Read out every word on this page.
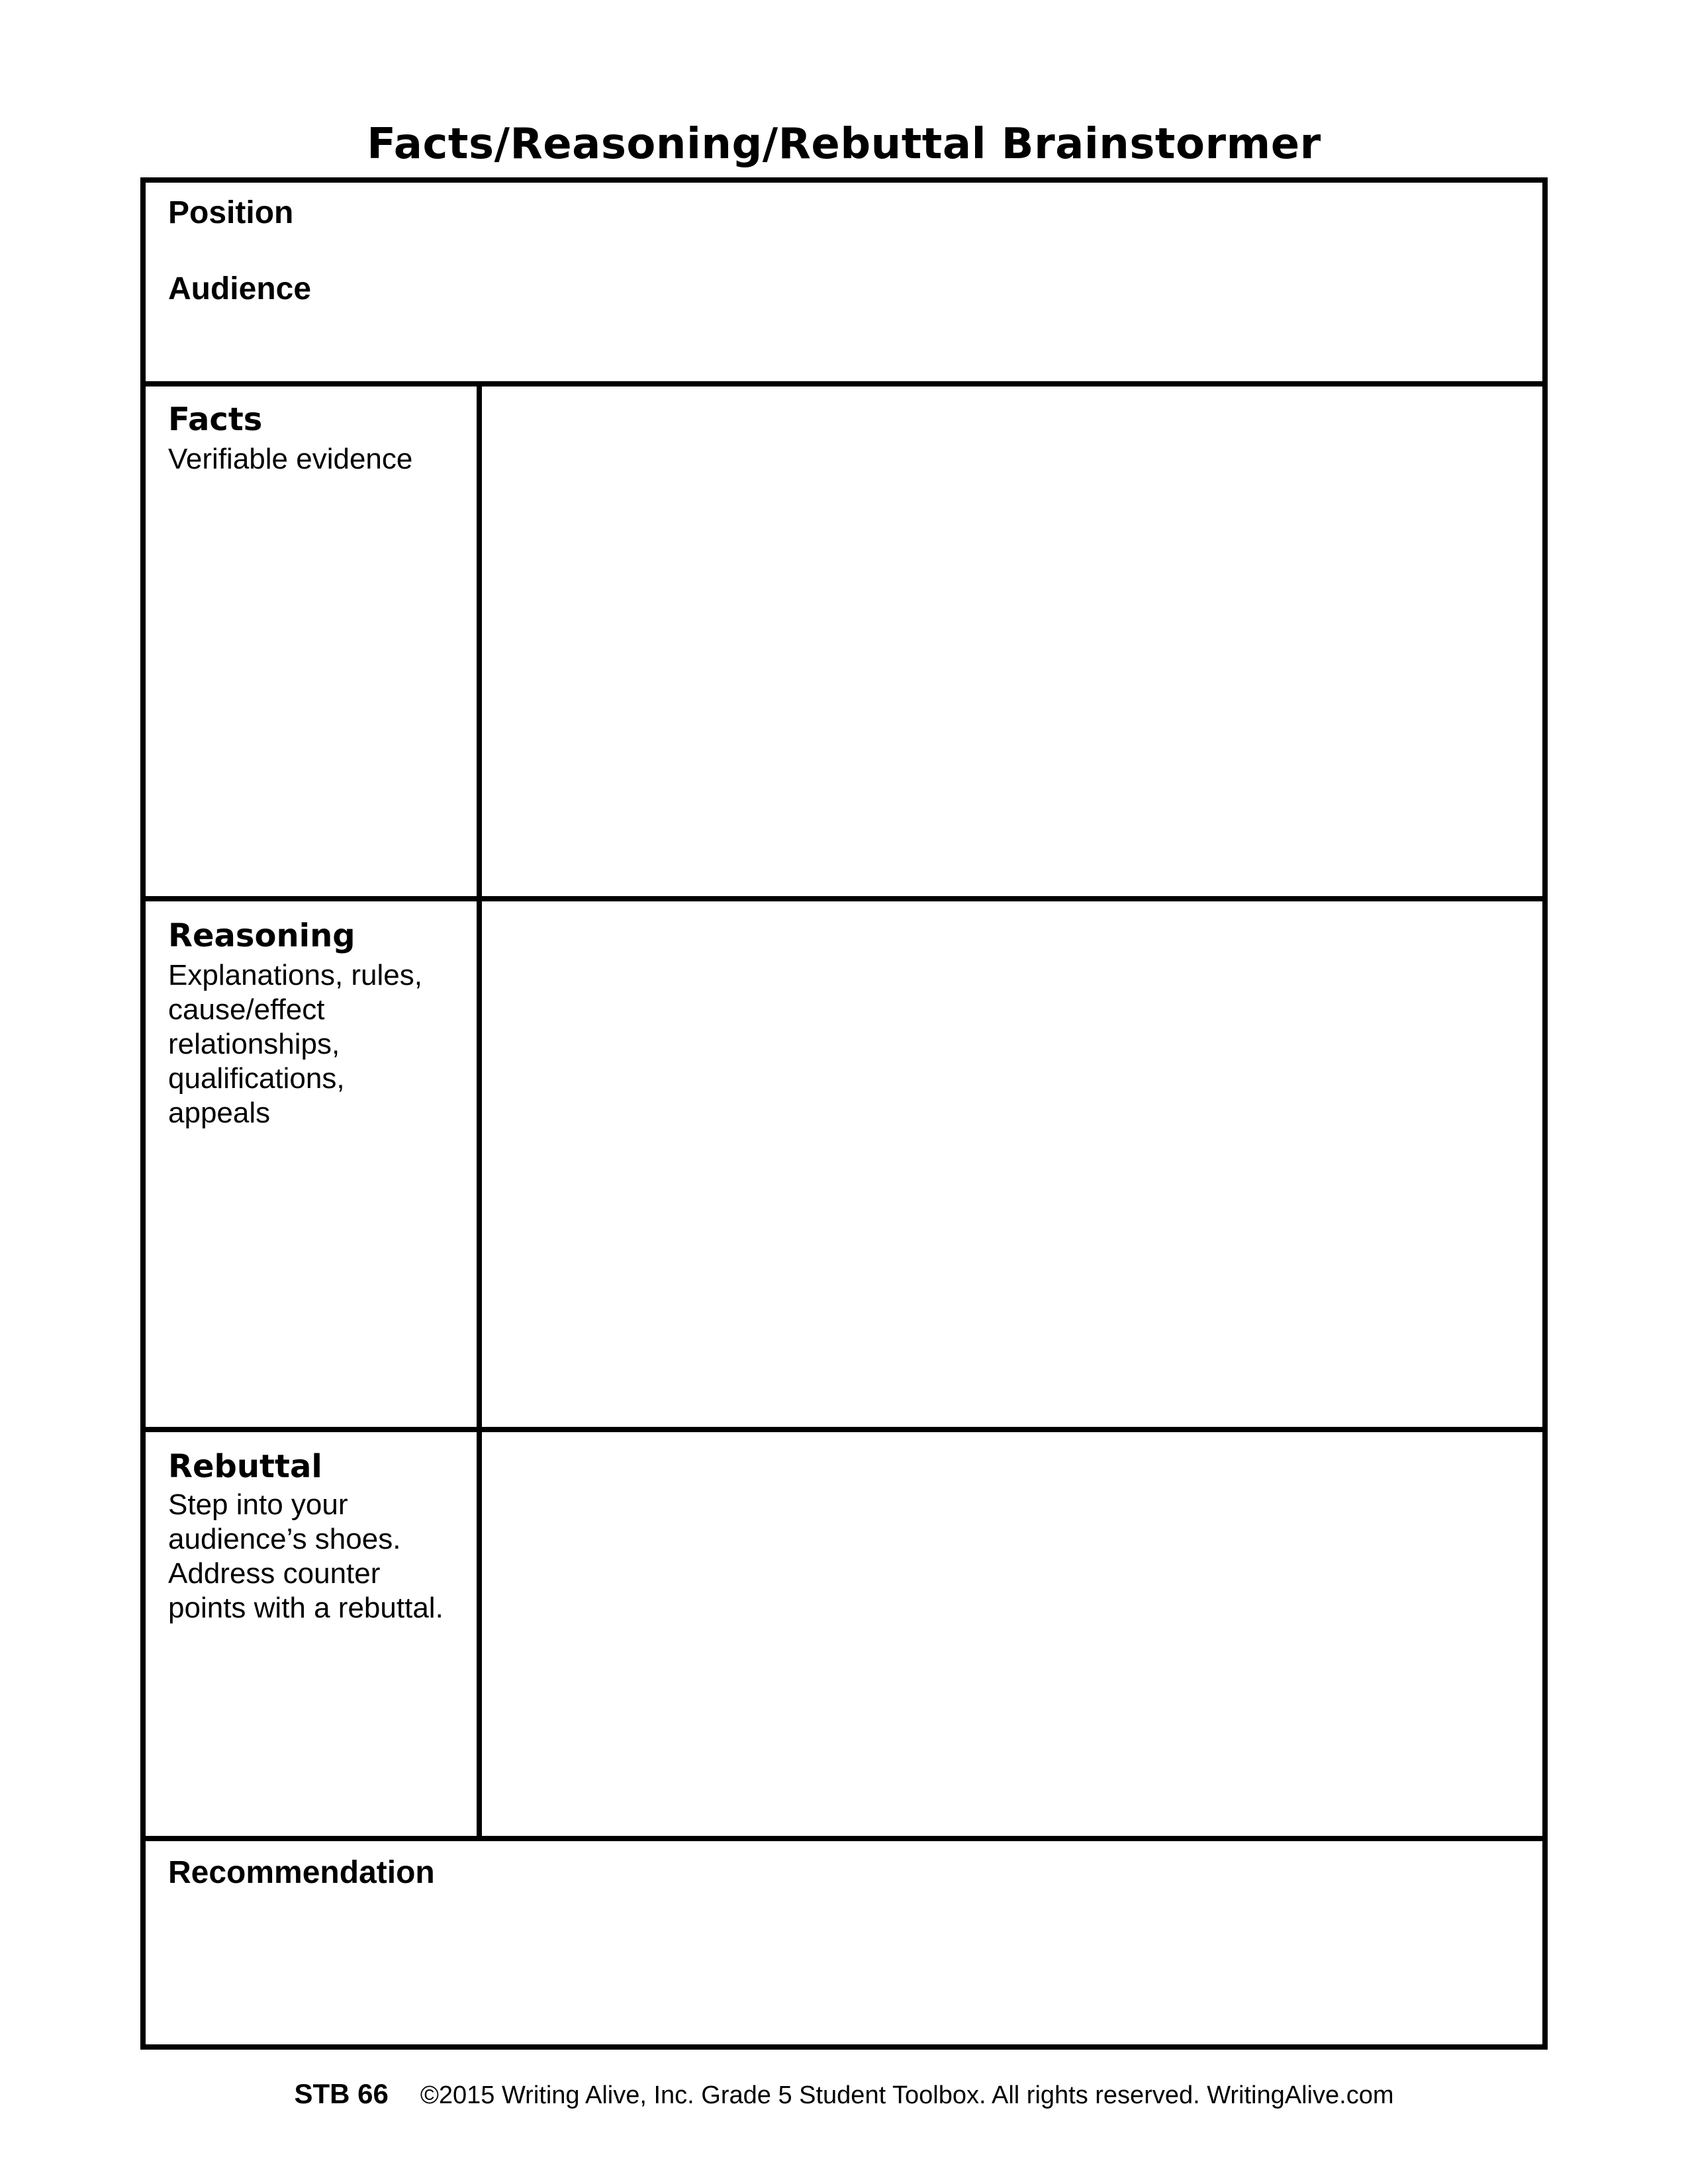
Facts/Reasoning/Rebuttal Brainstormer
Position
Audience
Facts
Verifiable evidence
Reasoning
Explanations, rules,
cause/effect
relationships,
qualifications,
appeals
Rebuttal
Step into your
audience’s shoes.
Address counter
points with a rebuttal.
Recommendation
STB 66 ©2015 Writing Alive, Inc. Grade 5 Student Toolbox. All rights reserved. WritingAlive.com
